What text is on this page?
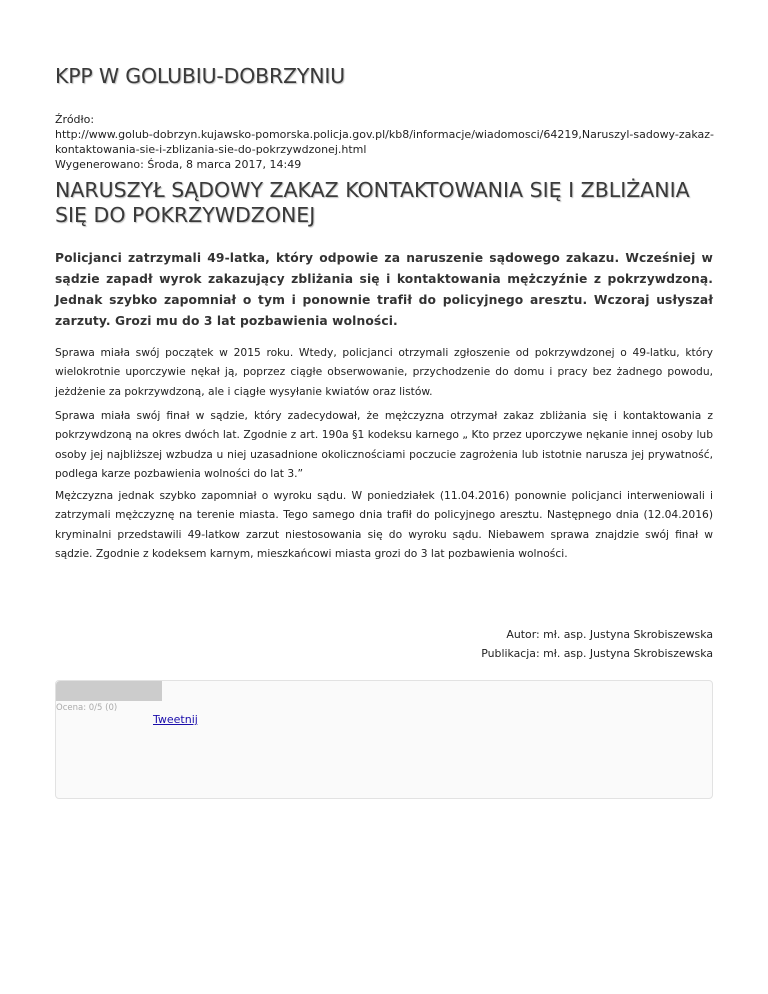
KPP W GOLUBIU-DOBRZYNIU
Źródło:
http://www.golub-dobrzyn.kujawsko-pomorska.policja.gov.pl/kb8/informacje/wiadomosci/64219,Naruszyl-sadowy-zakaz-kontaktowania-sie-i-zblizania-sie-do-pokrzywdzonej.html
Wygenerowano: Środa, 8 marca 2017, 14:49
NARUSZYŁ SĄDOWY ZAKAZ KONTAKTOWANIA SIĘ I ZBLIŻANIA SIĘ DO POKRZYWDZONEJ

Policjanci zatrzymali 49-latka, który odpowie za naruszenie sądowego zakazu. Wcześniej w sądzie zapadł wyrok zakazujący zbliżania się i kontaktowania mężczyźnie z pokrzywdzoną. Jednak szybko zapomniał o tym i ponownie trafił do policyjnego aresztu. Wczoraj usłyszał zarzuty. Grozi mu do 3 lat pozbawienia wolności.

Sprawa miała swój początek w 2015 roku. Wtedy, policjanci otrzymali zgłoszenie od pokrzywdzonej o 49-latku, który wielokrotnie uporczywie nękał ją, poprzez ciągłe obserwowanie, przychodzenie do domu i pracy bez żadnego powodu, jeżdżenie za pokrzywdzoną, ale i ciągłe wysyłanie kwiatów oraz listów.

Sprawa miała swój finał w sądzie, który zadecydował, że mężczyzna otrzymał zakaz zbliżania się i kontaktowania z pokrzywdzoną na okres dwóch lat. Zgodnie z art. 190a §1 kodeksu karnego „ Kto przez uporczywe nękanie innej osoby lub osoby jej najbliższej wzbudza u niej uzasadnione okolicznościami poczucie zagrożenia lub istotnie narusza jej prywatność, podlega karze pozbawienia wolności do lat 3.”

Mężczyzna jednak szybko zapomniał o wyroku sądu. W poniedziałek (11.04.2016) ponownie policjanci interweniowali i zatrzymali mężczyznę na terenie miasta. Tego samego dnia trafił do policyjnego aresztu. Następnego dnia (12.04.2016) kryminalni przedstawili 49-latkow zarzut niestosowania się do wyroku sądu. Niebawem sprawa znajdzie swój finał w sądzie. Zgodnie z kodeksem karnym, mieszkańcowi miasta grozi do 3 lat pozbawienia wolności.

Autor: mł. asp. Justyna Skrobiszewska
Publikacja: mł. asp. Justyna Skrobiszewska
Ocena: 0/5 (0)
Tweetnij
